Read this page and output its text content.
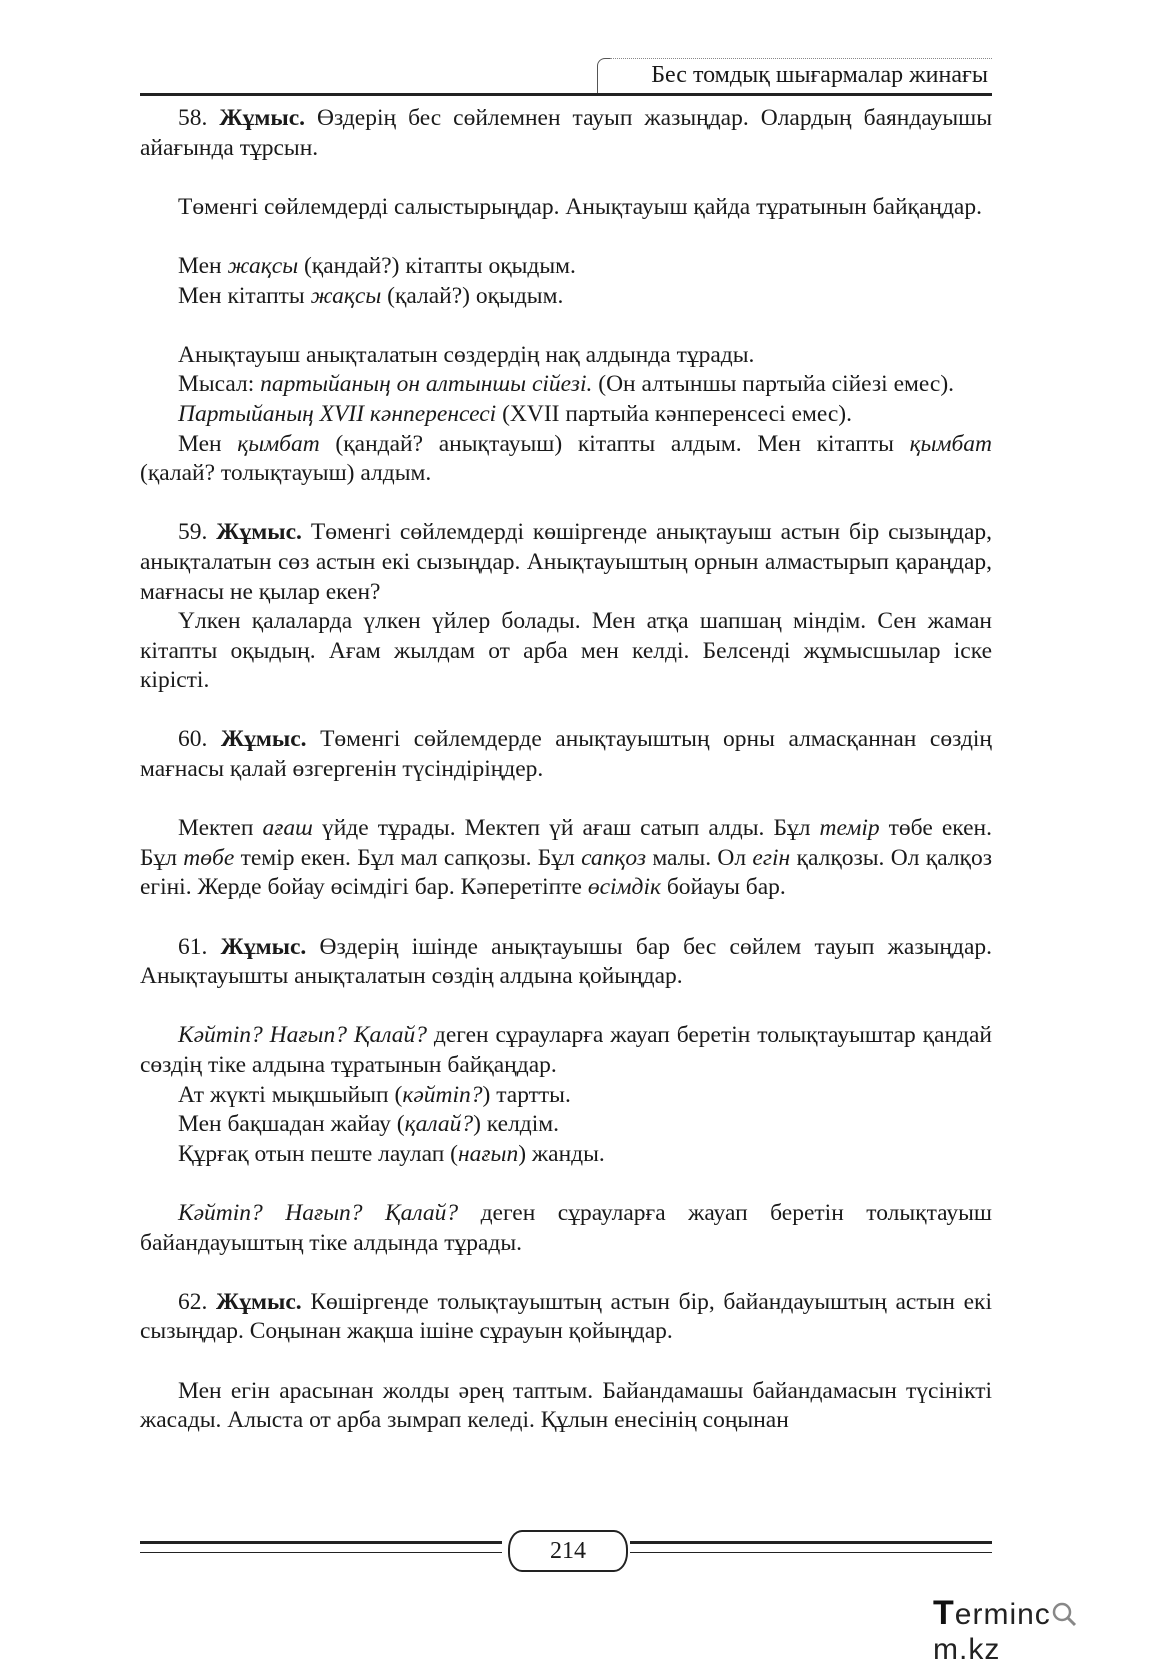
Бес томдық шығармалар жинағы

58. Жұмыс. Өздерің бес сөйлемнен тауып жазыңдар. Олардың баяндауышы айағында тұрсын.

Төменгі сөйлемдерді салыстырыңдар. Анықтауыш қайда тұратынын байқаңдар.

Мен жақсы (қандай?) кітапты оқыдым.

Мен кітапты жақсы (қалай?) оқыдым.

Анықтауыш анықталатын сөздердің нақ алдында тұрады.

Мысал: партыйаның он алтыншы сійезі. (Он алтыншы партыйа сійезі емес).

Партыйаның XVII кәнперенсесі (XVII партыйа кәнперенсесі емес).

Мен қымбат (қандай? анықтауыш) кітапты алдым. Мен кітапты қымбат (қалай? толықтауыш) алдым.

59. Жұмыс. Төменгі сөйлемдерді көшіргенде анықтауыш астын бір сызыңдар, анықталатын сөз астын екі сызыңдар. Анықтауыштың орнын алмастырып қараңдар, мағнасы не қылар екен?

Үлкен қалаларда үлкен үйлер болады. Мен атқа шапшаң міндім. Сен жаман кітапты оқыдың. Ағам жылдам от арба мен келді. Белсенді жұмысшылар іске кірісті.

60. Жұмыс. Төменгі сөйлемдерде анықтауыштың орны алмасқаннан сөздің мағнасы қалай өзгергенін түсіндіріңдер.

Мектеп ағаш үйде тұрады. Мектеп үй ағаш сатып алды. Бұл темір төбе екен. Бұл төбе темір екен. Бұл мал сапқозы. Бұл сапқоз малы. Ол егін қалқозы. Ол қалқоз егіні. Жерде бойау өсімдігі бар. Кәперетіпте өсімдік бойауы бар.

61. Жұмыс. Өздерің ішінде анықтауышы бар бес сөйлем тауып жазыңдар. Анықтауышты анықталатын сөздің алдына қойыңдар.

Кәйтіп? Нағып? Қалай? деген сұрауларға жауап беретін толықтауыштар қандай сөздің тіке алдына тұратынын байқаңдар.

Ат жүкті мықшыйып (кәйтіп?) тартты.

Мен бақшадан жайау (қалай?) келдім.

Құрғақ отын пеште лаулап (нағып) жанды.

Кәйтіп? Нағып? Қалай? деген сұрауларға жауап беретін толықтауыш байандауыштың тіке алдында тұрады.

62. Жұмыс. Көшіргенде толықтауыштың астын бір, байандауыштың астын екі сызыңдар. Соңынан жақша ішіне сұрауын қойыңдар.

Мен егін арасынан жолды әрең таптым. Байандамашы байандамасын түсінікті жасады. Алыста от арба зымрап келеді. Құлын енесінің соңынан

214
Termincm.kz
